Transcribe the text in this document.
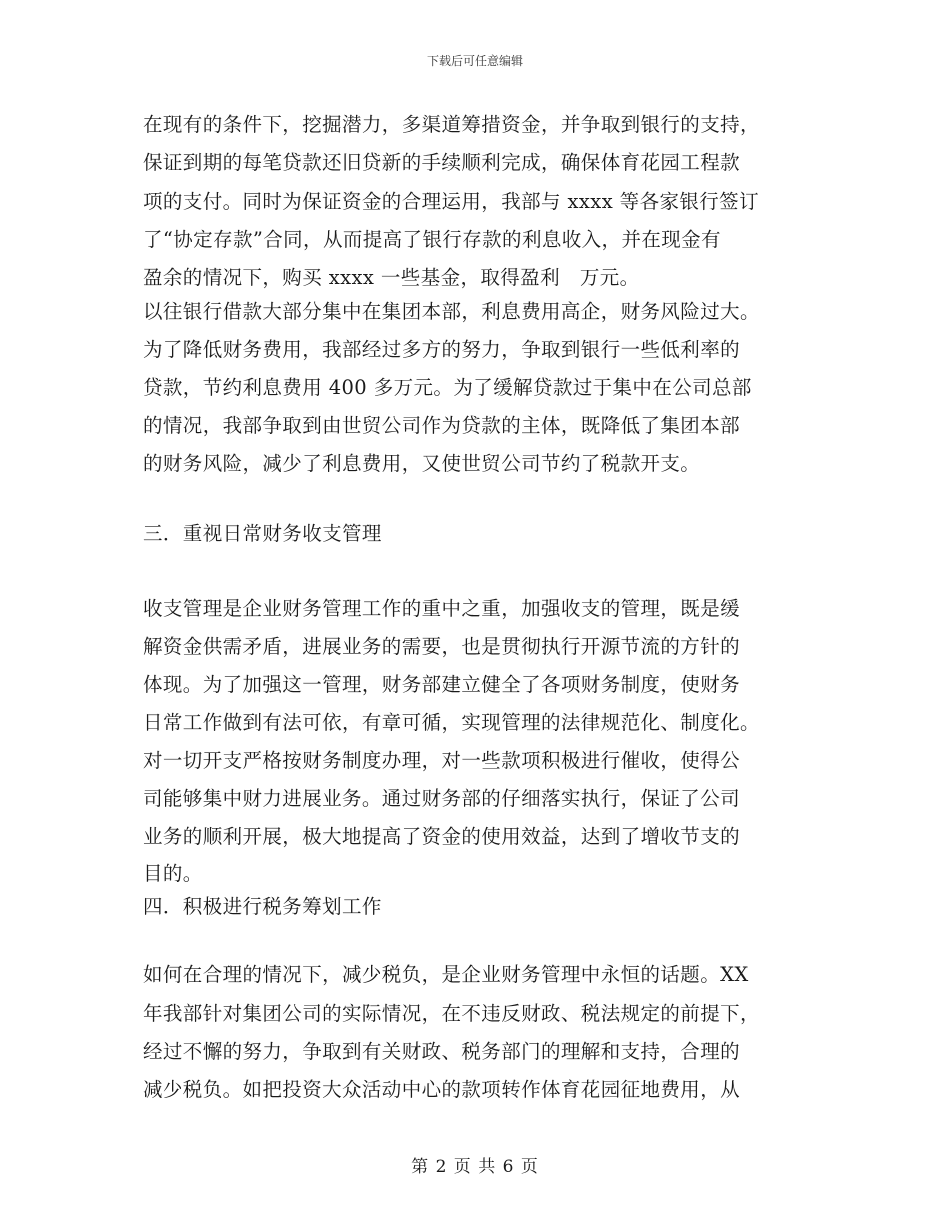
下载后可任意编辑
在现有的条件下，挖掘潜力，多渠道筹措资金，并争取到银行的支持，
保证到期的每笔贷款还旧贷新的手续顺利完成，确保体育花园工程款
项的支付。同时为保证资金的合理运用，我部与 xxxx 等各家银行签订
了“协定存款”合同，从而提高了银行存款的利息收入，并在现金有
盈余的情况下，购买 xxxx 一些基金，取得盈利　万元。
以往银行借款大部分集中在集团本部，利息费用高企，财务风险过大。
为了降低财务费用，我部经过多方的努力，争取到银行一些低利率的
贷款，节约利息费用 400 多万元。为了缓解贷款过于集中在公司总部
的情况，我部争取到由世贸公司作为贷款的主体，既降低了集团本部
的财务风险，减少了利息费用，又使世贸公司节约了税款开支。
三．重视日常财务收支管理
收支管理是企业财务管理工作的重中之重，加强收支的管理，既是缓
解资金供需矛盾，进展业务的需要，也是贯彻执行开源节流的方针的
体现。为了加强这一管理，财务部建立健全了各项财务制度，使财务
日常工作做到有法可依，有章可循，实现管理的法律规范化、制度化。
对一切开支严格按财务制度办理，对一些款项积极进行催收，使得公
司能够集中财力进展业务。通过财务部的仔细落实执行，保证了公司
业务的顺利开展，极大地提高了资金的使用效益，达到了增收节支的
目的。
四．积极进行税务筹划工作
如何在合理的情况下，减少税负，是企业财务管理中永恒的话题。XX
年我部针对集团公司的实际情况，在不违反财政、税法规定的前提下，
经过不懈的努力，争取到有关财政、税务部门的理解和支持，合理的
减少税负。如把投资大众活动中心的款项转作体育花园征地费用，从
第 2 页 共 6 页
